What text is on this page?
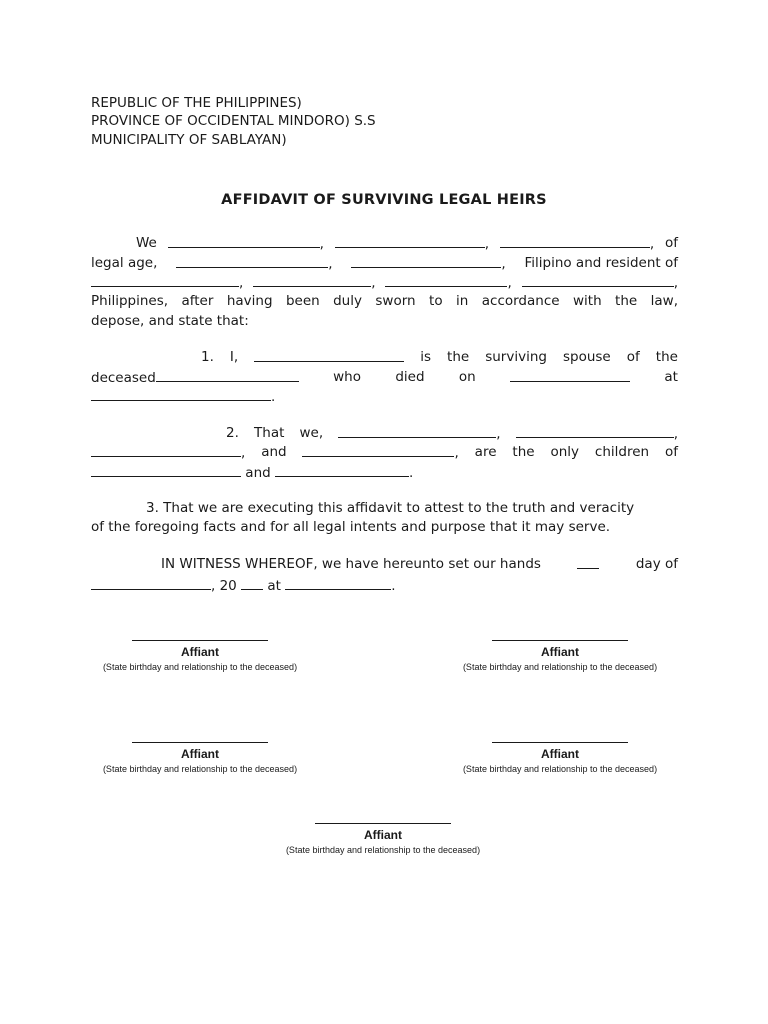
REPUBLIC OF THE PHILIPPINES)
PROVINCE OF OCCIDENTAL MINDORO) S.S
MUNICIPALITY OF SABLAYAN)
AFFIDAVIT OF SURVIVING LEGAL HEIRS
We	,	,	, of
legal age,	,	, Filipino and resident of
,	,	,	,
Philippines, after having been duly sworn to in accordance with the law,
depose, and state that:
1. I,	is the surviving spouse of the
deceased	who	died	on	at
.
2. That we,	,	,
, and	, are the only children of
and	.
3. That we are executing this affidavit to attest to the truth and veracity
of the foregoing facts and for all legal intents and purpose that it may serve.
IN WITNESS WHEREOF, we have hereunto set our hands	day of
, 20 at	.
Affiant
(State birthday and relationship to the deceased)
Affiant
(State birthday and relationship to the deceased)
Affiant
(State birthday and relationship to the deceased)
Affiant
(State birthday and relationship to the deceased)
Affiant
(State birthday and relationship to the deceased)
